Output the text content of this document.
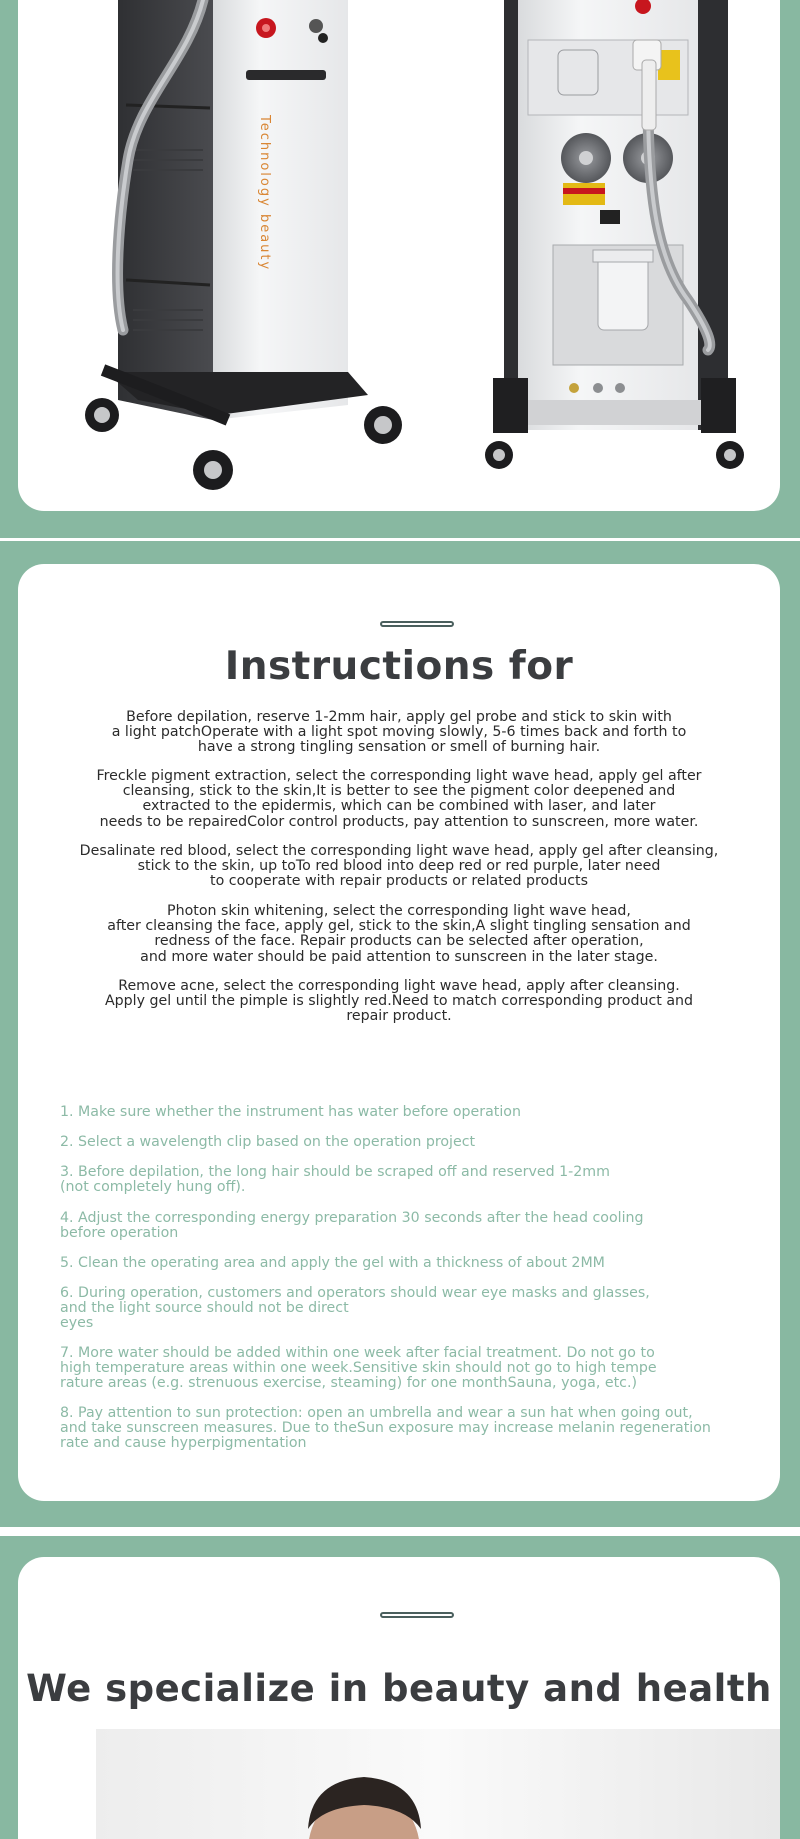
Technology beauty
Instructions for

Before depilation, reserve 1-2mm hair, apply gel probe and stick to skin with
a light patchOperate with a light spot moving slowly, 5-6 times back and forth to
have a strong tingling sensation or smell of burning hair.

Freckle pigment extraction, select the corresponding light wave head, apply gel after
cleansing, stick to the skin,It is better to see the pigment color deepened and
extracted to the epidermis, which can be combined with laser, and later
needs to be repairedColor control products, pay attention to sunscreen, more water.

Desalinate red blood, select the corresponding light wave head, apply gel after cleansing,
stick to the skin, up toTo red blood into deep red or red purple, later need
to cooperate with repair products or related products

Photon skin whitening, select the corresponding light wave head,
after cleansing the face, apply gel, stick to the skin,A slight tingling sensation and
redness of the face. Repair products can be selected after operation,
and more water should be paid attention to sunscreen in the later stage.

Remove acne, select the corresponding light wave head, apply after cleansing.
Apply gel until the pimple is slightly red.Need to match corresponding product and
repair product.

1. Make sure whether the instrument has water before operation

2. Select a wavelength clip based on the operation project

3. Before depilation, the long hair should be scraped off and reserved 1-2mm
(not completely hung off).

4. Adjust the corresponding energy preparation 30 seconds after the head cooling
before operation

5. Clean the operating area and apply the gel with a thickness of about 2MM

6. During operation, customers and operators should wear eye masks and glasses,
and the light source should not be direct
eyes

7. More water should be added within one week after facial treatment. Do not go to
high temperature areas within one week.Sensitive skin should not go to high tempe
rature areas (e.g. strenuous exercise, steaming) for one monthSauna, yoga, etc.)

8. Pay attention to sun protection: open an umbrella and wear a sun hat when going out,
and take sunscreen measures. Due to theSun exposure may increase melanin regeneration
rate and cause hyperpigmentation

We specialize in beauty and health
